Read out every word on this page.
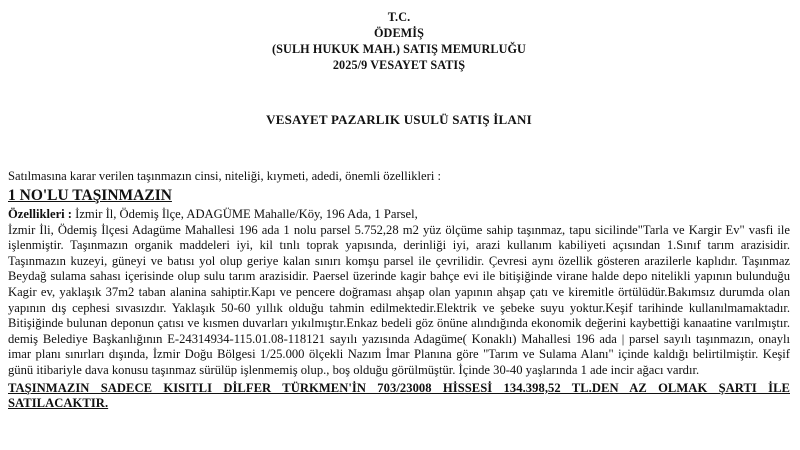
T.C.
ÖDEMİŞ
(SULH HUKUK MAH.) SATIŞ MEMURLUĞU
2025/9 VESAYET SATIŞ
VESAYET PAZARLIK USULÜ SATIŞ İLANI
Satılmasına karar verilen taşınmazın cinsi, niteliği, kıymeti, adedi, önemli özellikleri :
1 NO'LU TAŞINMAZIN
Özellikleri : İzmir İl, Ödemiş İlçe, ADAGÜME Mahalle/Köy, 196 Ada, 1 Parsel,
İzmir İli, Ödemiş İlçesi Adagüme Mahallesi 196 ada 1 nolu parsel 5.752,28 m2 yüz ölçüme sahip taşınmaz, tapu sicilinde"Tarla ve Kargir Ev" vasfi ile işlenmiştir. Taşınmazın organik maddeleri iyi, kil tınlı toprak yapısında, derinliği iyi, arazi kullanım kabiliyeti açısından 1.Sınıf tarım arazisidir. Taşınmazın kuzeyi, güneyi ve batısı yol olup geriye kalan sınırı komşu parsel ile çevrilidir. Çevresi aynı özellik gösteren arazilerle kaplıdır. Taşınmaz Beydağ sulama sahası içerisinde olup sulu tarım arazisidir. Paersel üzerinde kagir bahçe evi ile bitişiğinde virane halde depo nitelikli yapının bulunduğu Kagir ev, yaklaşık 37m2 taban alanina sahiptir.Kapı ve pencere doğraması ahşap olan yapının ahşap çatı ve kiremitle örtülüdür.Bakımsız durumda olan yapının dış cephesi sıvasızdır. Yaklaşık 50-60 yıllık olduğu tahmin edilmektedir.Elektrik ve şebeke suyu yoktur.Keşif tarihinde kullanılmamaktadır. Bitişiğinde bulunan deponun çatısı ve kısmen duvarları yıkılmıştır.Enkaz bedeli göz önüne alındığında ekonomik değerini kaybettiği kanaatine varılmıştır. demiş Belediye Başkanlığının E-24314934-115.01.08-118121 sayılı yazısında Adagüme( Konaklı) Mahallesi 196 ada | parsel sayılı taşınmazın, onaylı imar planı sınırları dışında, İzmir Doğu Bölgesi 1/25.000 ölçekli Nazım İmar Planına göre "Tarım ve Sulama Alanı" içinde kaldığı belirtilmiştir. Keşif günü itibariyle dava konusu taşınmaz sürülüp işlenmemiş olup., boş olduğu görülmüştür. İçinde 30-40 yaşlarında 1 ade incir ağacı vardır.
TAŞINMAZIN SADECE KISITLI DİLFER TÜRKMEN'İN 703/23008 HİSSESİ 134.398,52 TL.DEN AZ OLMAK ŞARTI İLE SATILACAKTIR.
